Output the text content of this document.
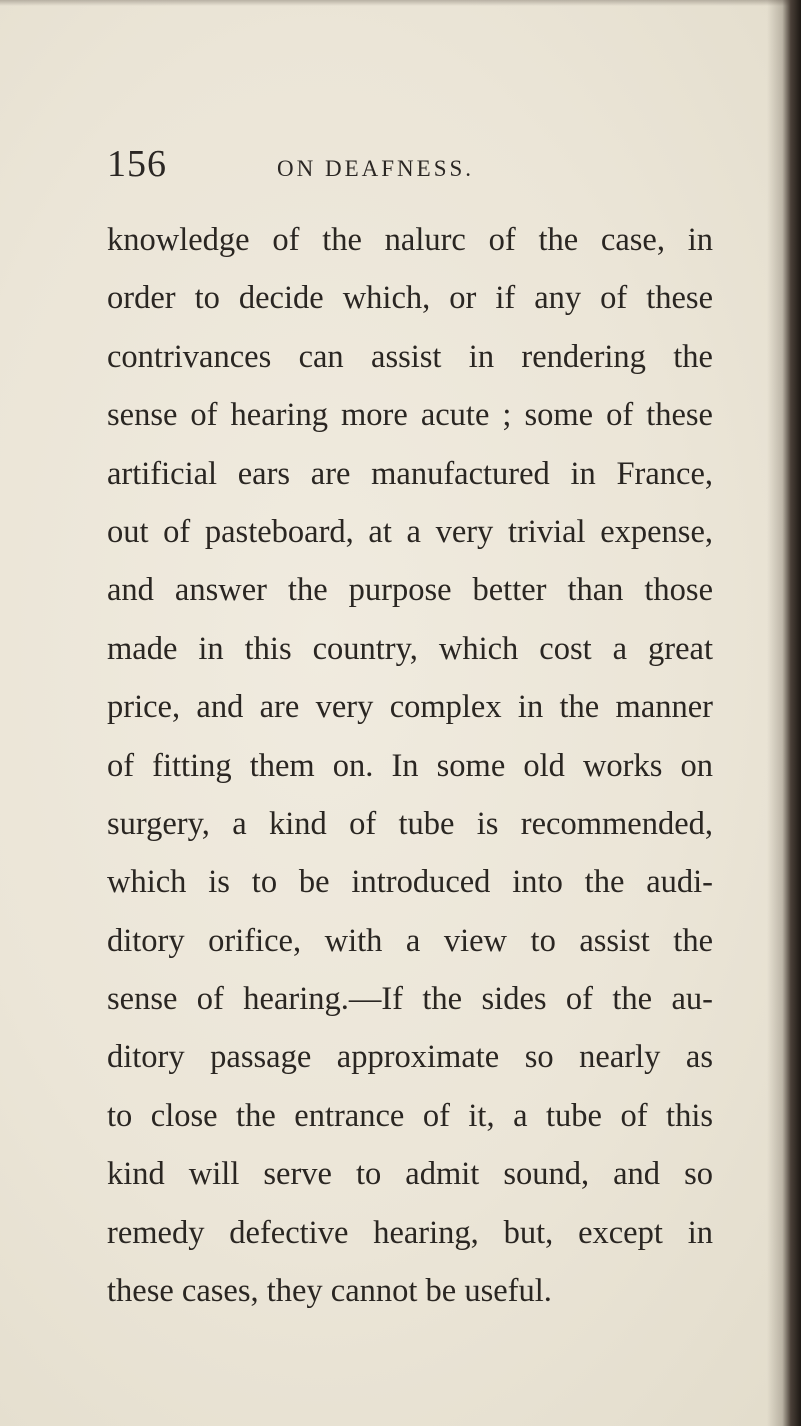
156	ON DEAFNESS.
knowledge of the nalurc of the case, in
order to decide which, or if any of these
contrivances can assist in rendering the
sense of hearing more acute ; some of these
artificial ears are manufactured in France,
out of pasteboard, at a very trivial expense,
and answer the purpose better than those
made in this country, which cost a great
price, and are very complex in the manner
of fitting them on. In some old works on
surgery, a kind of tube is recommended,
which is to be introduced into the audi-
ditory orifice, with a view to assist the
sense of hearing.—If the sides of the au-
ditory passage approximate so nearly as
to close the entrance of it, a tube of this
kind will serve to admit sound, and so
remedy defective hearing, but, except in
these cases, they cannot be useful.
